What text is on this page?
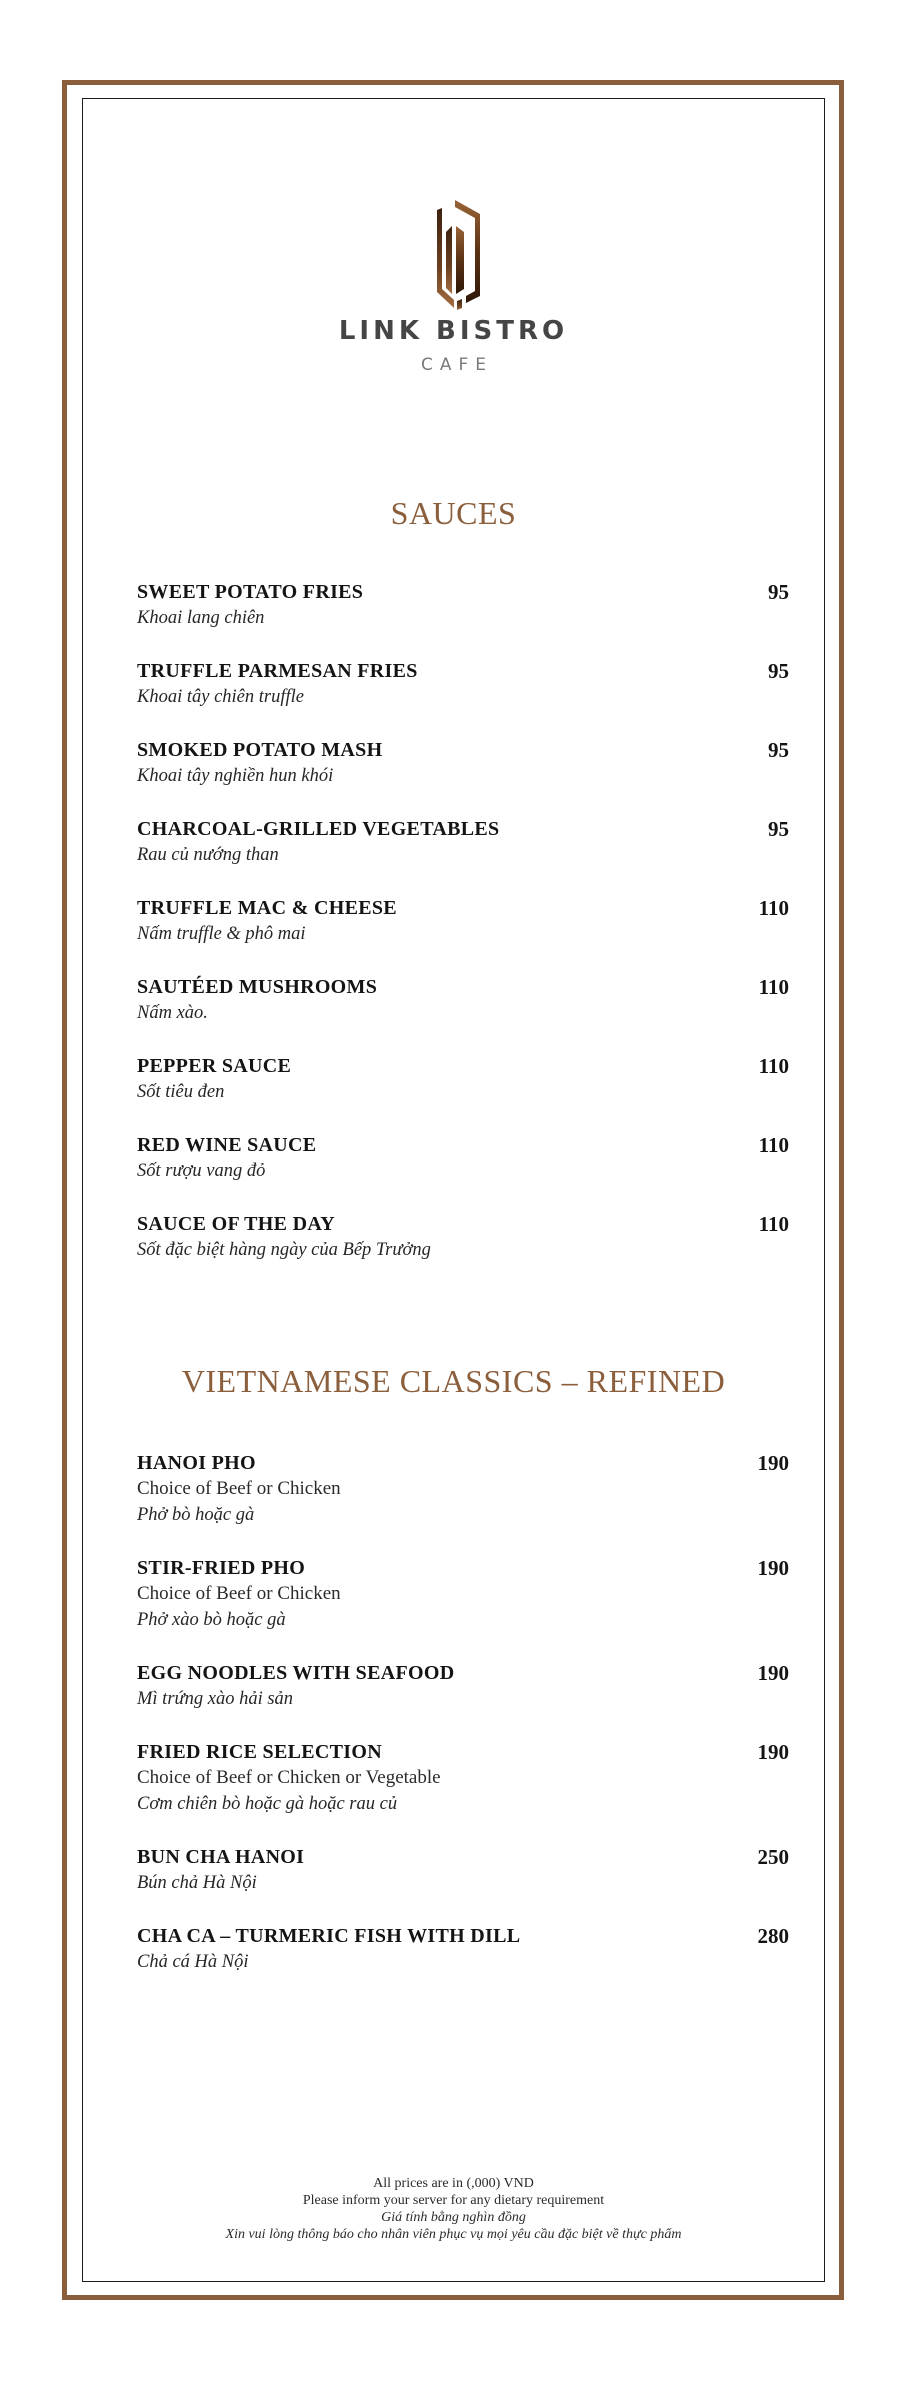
LINK BISTRO
CAFE
SAUCES
SWEET POTATO FRIES
Khoai lang chiên
95
TRUFFLE PARMESAN FRIES
Khoai tây chiên truffle
95
SMOKED POTATO MASH
Khoai tây nghiền hun khói
95
CHARCOAL-GRILLED VEGETABLES
Rau củ nướng than
95
TRUFFLE MAC & CHEESE
Nấm truffle & phô mai
110
SAUTÉED MUSHROOMS
Nấm xào.
110
PEPPER SAUCE
Sốt tiêu đen
110
RED WINE SAUCE
Sốt rượu vang đỏ
110
SAUCE OF THE DAY
Sốt đặc biệt hàng ngày của Bếp Trưởng
110
VIETNAMESE CLASSICS – REFINED
HANOI PHO
Choice of Beef or Chicken
Phở bò hoặc gà
190
STIR-FRIED PHO
Choice of Beef or Chicken
Phở xào bò hoặc gà
190
EGG NOODLES WITH SEAFOOD
Mì trứng xào hải sản
190
FRIED RICE SELECTION
Choice of Beef or Chicken or Vegetable
Cơm chiên bò hoặc gà hoặc rau củ
190
BUN CHA HANOI
Bún chả Hà Nội
250
CHA CA – TURMERIC FISH WITH DILL
Chả cá Hà Nội
280
All prices are in (,000) VND
Please inform your server for any dietary requirement
Giá tính bằng nghìn đồng
Xin vui lòng thông báo cho nhân viên phục vụ mọi yêu cầu đặc biệt về thực phẩm
